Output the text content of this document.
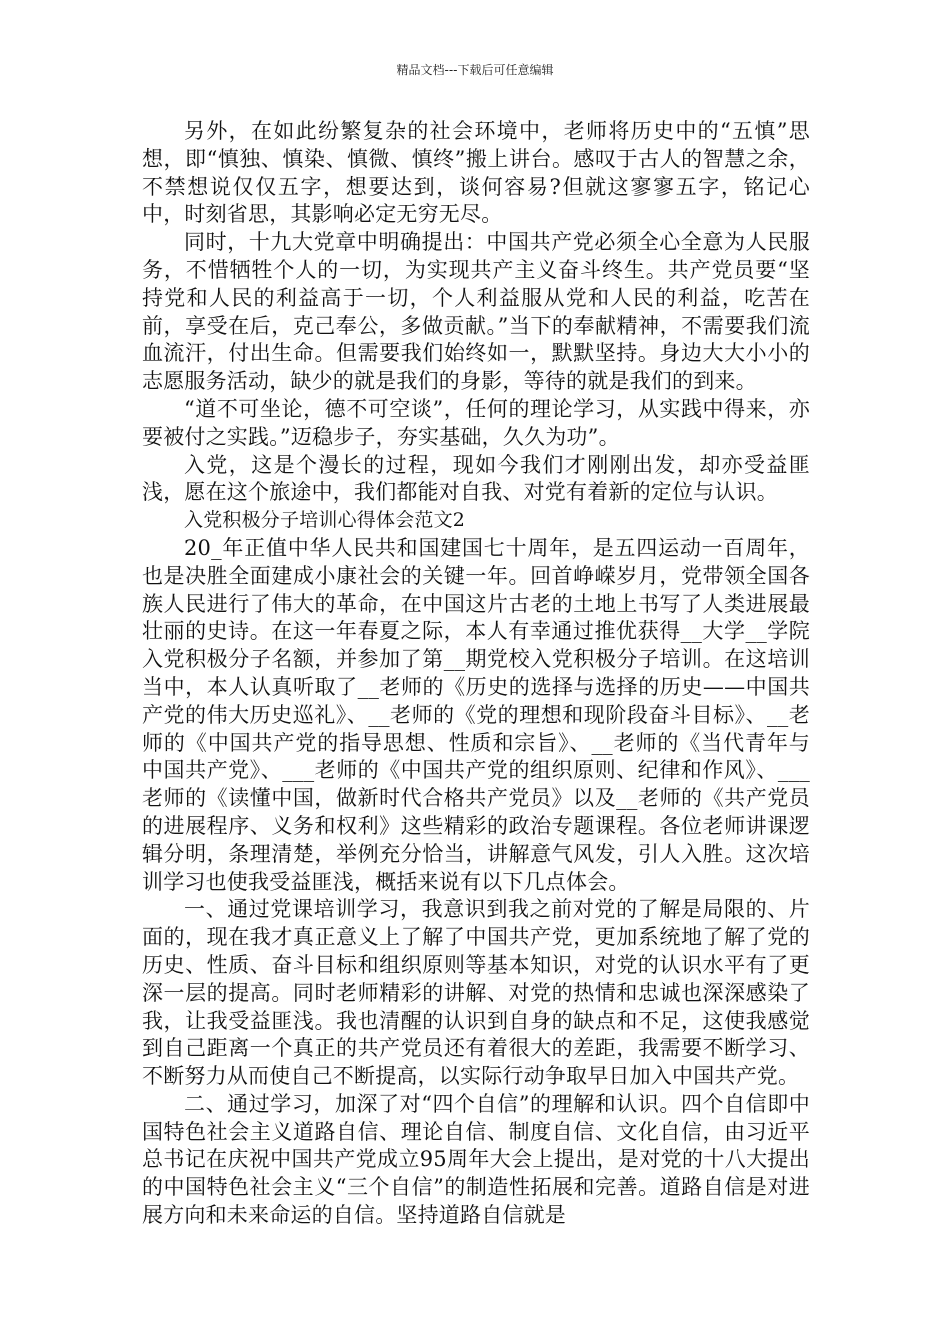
精品文档---下载后可任意编辑

另外，在如此纷繁复杂的社会环境中，老师将历史中的“五慎”思想，即“慎独、慎染、慎微、慎终”搬上讲台。感叹于古人的智慧之余，不禁想说仅仅五字，想要达到，谈何容易?但就这寥寥五字，铭记心中，时刻省思，其影响必定无穷无尽。

同时，十九大党章中明确提出：中国共产党必须全心全意为人民服务，不惜牺牲个人的一切，为实现共产主义奋斗终生。共产党员要“坚持党和人民的利益高于一切，个人利益服从党和人民的利益，吃苦在前，享受在后，克己奉公，多做贡献。”当下的奉献精神，不需要我们流血流汗，付出生命。但需要我们始终如一，默默坚持。身边大大小小的志愿服务活动，缺少的就是我们的身影，等待的就是我们的到来。

“道不可坐论，德不可空谈”，任何的理论学习，从实践中得来，亦要被付之实践。”迈稳步子，夯实基础，久久为功”。

入党，这是个漫长的过程，现如今我们才刚刚出发，却亦受益匪浅，愿在这个旅途中，我们都能对自我、对党有着新的定位与认识。

入党积极分子培训心得体会范文2

20_年正值中华人民共和国建国七十周年，是五四运动一百周年，也是决胜全面建成小康社会的关键一年。回首峥嵘岁月，党带领全国各族人民进行了伟大的革命，在中国这片古老的土地上书写了人类进展最壮丽的史诗。在这一年春夏之际，本人有幸通过推优获得__大学__学院入党积极分子名额，并参加了第__期党校入党积极分子培训。在这培训当中，本人认真听取了__老师的《历史的选择与选择的历史——中国共产党的伟大历史巡礼》、__老师的《党的理想和现阶段奋斗目标》、__老师的《中国共产党的指导思想、性质和宗旨》、__老师的《当代青年与中国共产党》、___老师的《中国共产党的组织原则、纪律和作风》、___老师的《读懂中国，做新时代合格共产党员》以及__老师的《共产党员的进展程序、义务和权利》这些精彩的政治专题课程。各位老师讲课逻辑分明，条理清楚，举例充分恰当，讲解意气风发，引人入胜。这次培训学习也使我受益匪浅，概括来说有以下几点体会。

一、通过党课培训学习，我意识到我之前对党的了解是局限的、片面的，现在我才真正意义上了解了中国共产党，更加系统地了解了党的历史、性质、奋斗目标和组织原则等基本知识，对党的认识水平有了更深一层的提高。同时老师精彩的讲解、对党的热情和忠诚也深深感染了我，让我受益匪浅。我也清醒的认识到自身的缺点和不足，这使我感觉到自己距离一个真正的共产党员还有着很大的差距，我需要不断学习、不断努力从而使自己不断提高，以实际行动争取早日加入中国共产党。

二、通过学习，加深了对“四个自信”的理解和认识。四个自信即中国特色社会主义道路自信、理论自信、制度自信、文化自信，由习近平总书记在庆祝中国共产党成立95周年大会上提出，是对党的十八大提出的中国特色社会主义“三个自信”的制造性拓展和完善。道路自信是对进展方向和未来命运的自信。坚持道路自信就是
